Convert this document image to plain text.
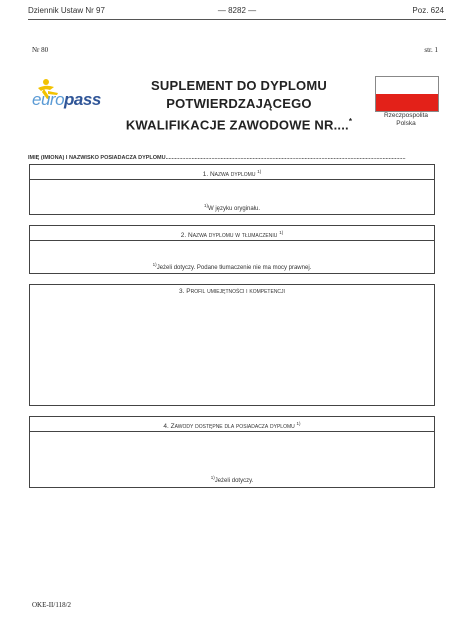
Dziennik Ustaw Nr 97	— 8282 —	Poz. 624
Nr 80	str. 1
europass
SUPLEMENT DO DYPLOMU POTWIERDZAJĄCEGO
KWALIFIKACJE ZAWODOWE NR....*
Rzeczpospolita
Polska
IMIĘ (IMIONA) I NAZWISKO POSIADACZA DYPLOMU.............................................................................................................................................................
1. Nazwa dyplomu $^{1)}$
$^{1)}$W języku oryginału.
2. Nazwa dyplomu w tłumaczeniu $^{1)}$
$^{1)}$Jeżeli dotyczy. Podane tłumaczenie nie ma mocy prawnej.
3. Profil umiejętności i kompetencji
4. Zawody dostępne dla posiadacza dyplomu $^{1)}$
$^{1)}$Jeżeli dotyczy.
OKE-II/118/2
